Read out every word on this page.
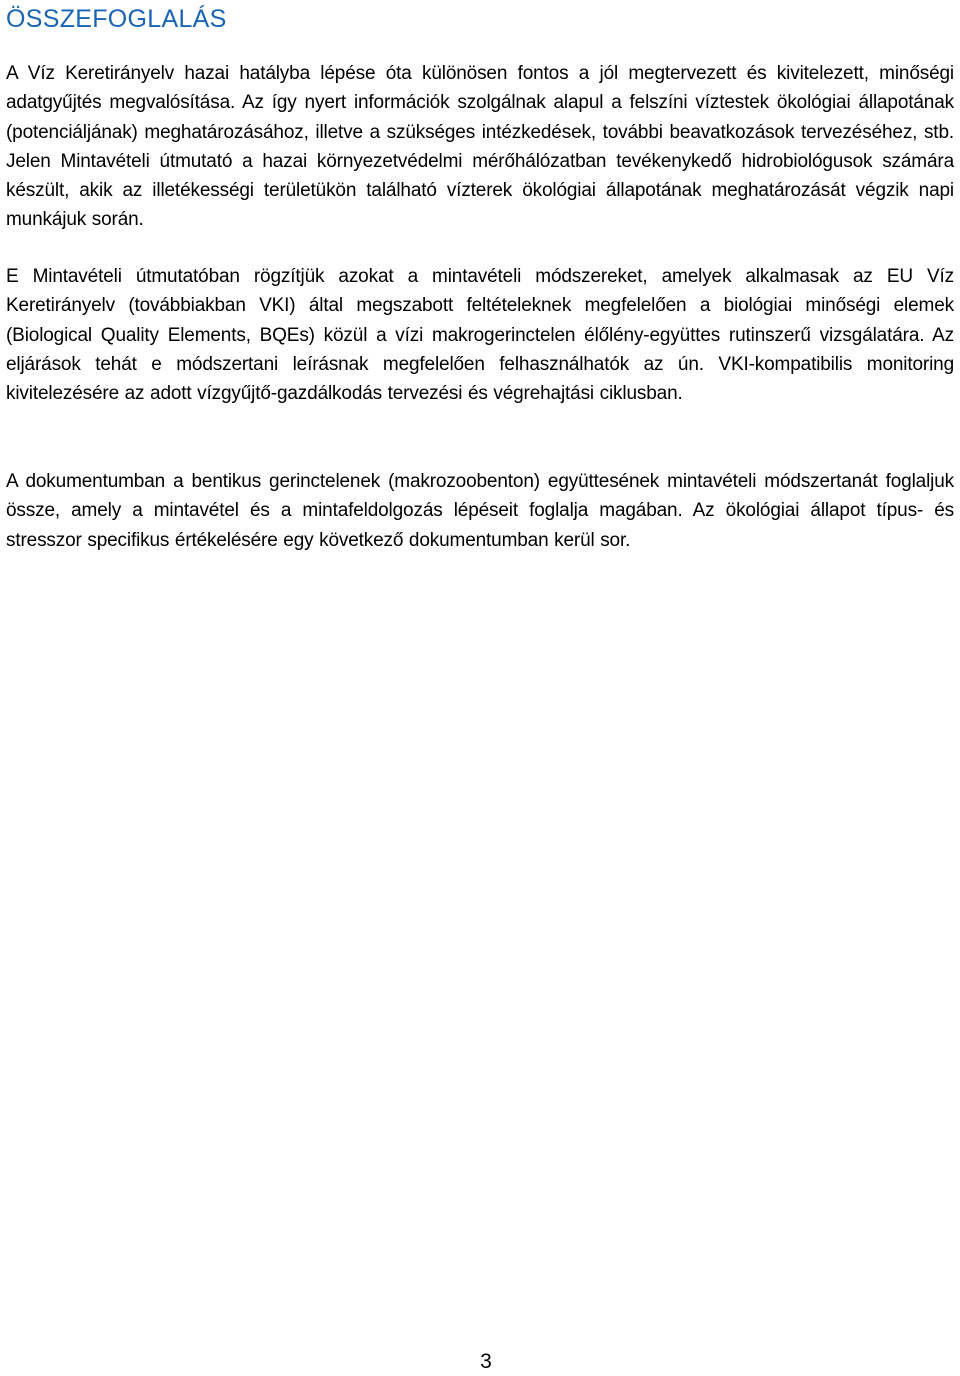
ÖSSZEFOGLALÁS

A Víz Keretirányelv hazai hatályba lépése óta különösen fontos a jól megtervezett és kivitelezett, minőségi adatgyűjtés megvalósítása. Az így nyert információk szolgálnak alapul a felszíni víztestek ökológiai állapotának (potenciáljának) meghatározásához, illetve a szükséges intézkedések, további beavatkozások tervezéséhez, stb. Jelen Mintavételi útmutató a hazai környezetvédelmi mérőhálózatban tevékenykedő hidrobiológusok számára készült, akik az illetékességi területükön található vízterek ökológiai állapotának meghatározását végzik napi munkájuk során.

E Mintavételi útmutatóban rögzítjük azokat a mintavételi módszereket, amelyek alkalmasak az EU Víz Keretirányelv (továbbiakban VKI) által megszabott feltételeknek megfelelően a biológiai minőségi elemek (Biological Quality Elements, BQEs) közül a vízi makrogerinctelen élőlény-együttes rutinszerű vizsgálatára. Az eljárások tehát e módszertani leírásnak megfelelően felhasználhatók az ún. VKI-kompatibilis monitoring kivitelezésére az adott vízgyűjtő-gazdálkodás tervezési és végrehajtási ciklusban.

A dokumentumban a bentikus gerinctelenek (makrozoobenton) együttesének mintavételi módszertanát foglaljuk össze, amely a mintavétel és a mintafeldolgozás lépéseit foglalja magában. Az ökológiai állapot típus- és stresszor specifikus értékelésére egy következő dokumentumban kerül sor.

3
